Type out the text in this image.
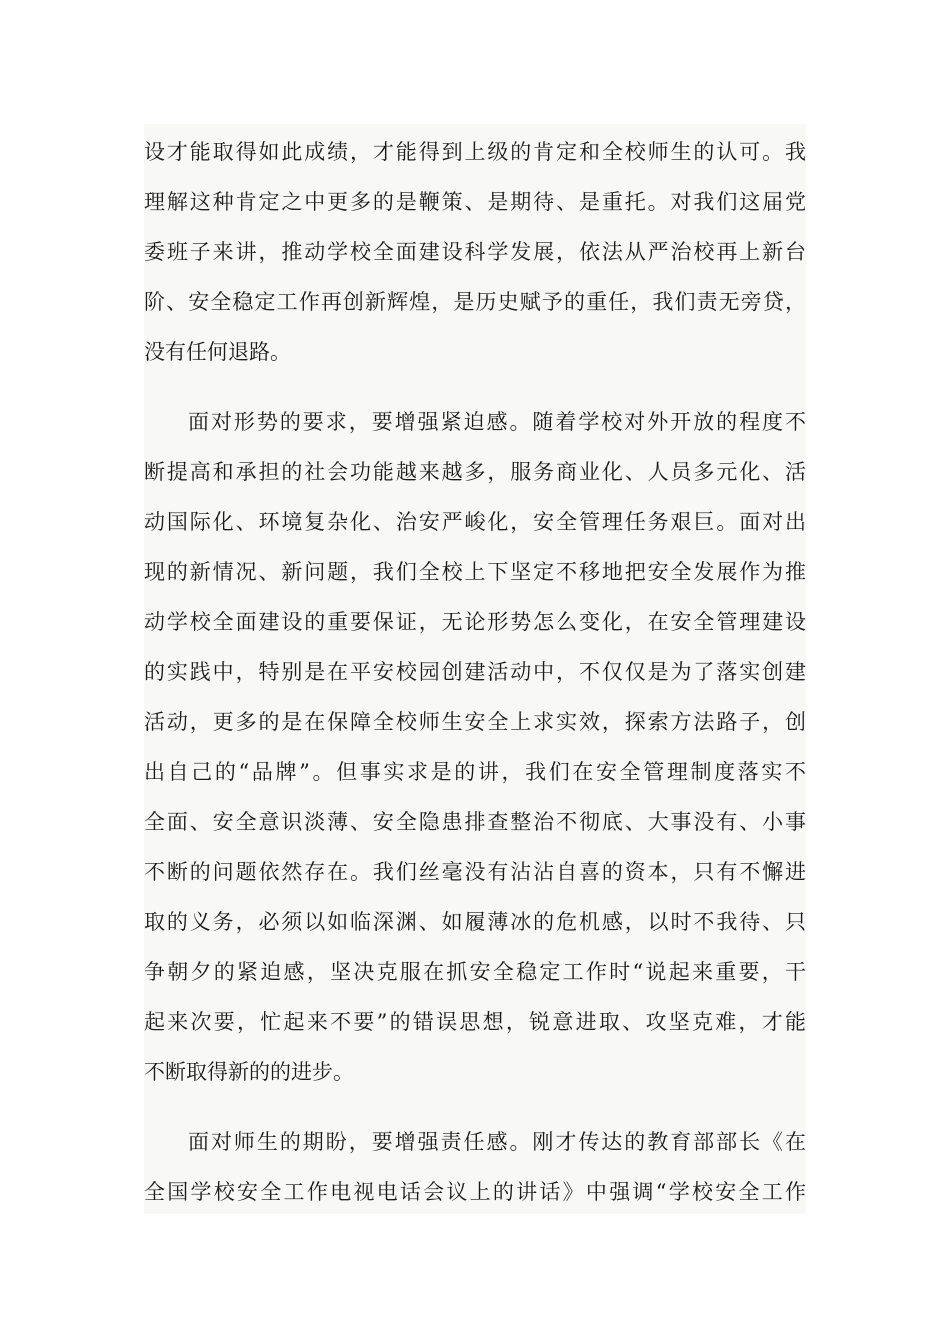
设才能取得如此成绩，才能得到上级的肯定和全校师生的认可。我
理解这种肯定之中更多的是鞭策、是期待、是重托。对我们这届党
委班子来讲，推动学校全面建设科学发展，依法从严治校再上新台
阶、安全稳定工作再创新辉煌，是历史赋予的重任，我们责无旁贷，
没有任何退路。
面对形势的要求，要增强紧迫感。随着学校对外开放的程度不
断提高和承担的社会功能越来越多，服务商业化、人员多元化、活
动国际化、环境复杂化、治安严峻化，安全管理任务艰巨。面对出
现的新情况、新问题，我们全校上下坚定不移地把安全发展作为推
动学校全面建设的重要保证，无论形势怎么变化，在安全管理建设
的实践中，特别是在平安校园创建活动中，不仅仅是为了落实创建
活动，更多的是在保障全校师生安全上求实效，探索方法路子，创
出自己的“品牌”。但事实求是的讲，我们在安全管理制度落实不
全面、安全意识淡薄、安全隐患排查整治不彻底、大事没有、小事
不断的问题依然存在。我们丝毫没有沾沾自喜的资本，只有不懈进
取的义务，必须以如临深渊、如履薄冰的危机感，以时不我待、只
争朝夕的紧迫感，坚决克服在抓安全稳定工作时“说起来重要，干
起来次要，忙起来不要”的错误思想，锐意进取、攻坚克难，才能
不断取得新的的进步。
面对师生的期盼，要增强责任感。刚才传达的教育部部长《在
全国学校安全工作电视电话会议上的讲话》中强调“学校安全工作
